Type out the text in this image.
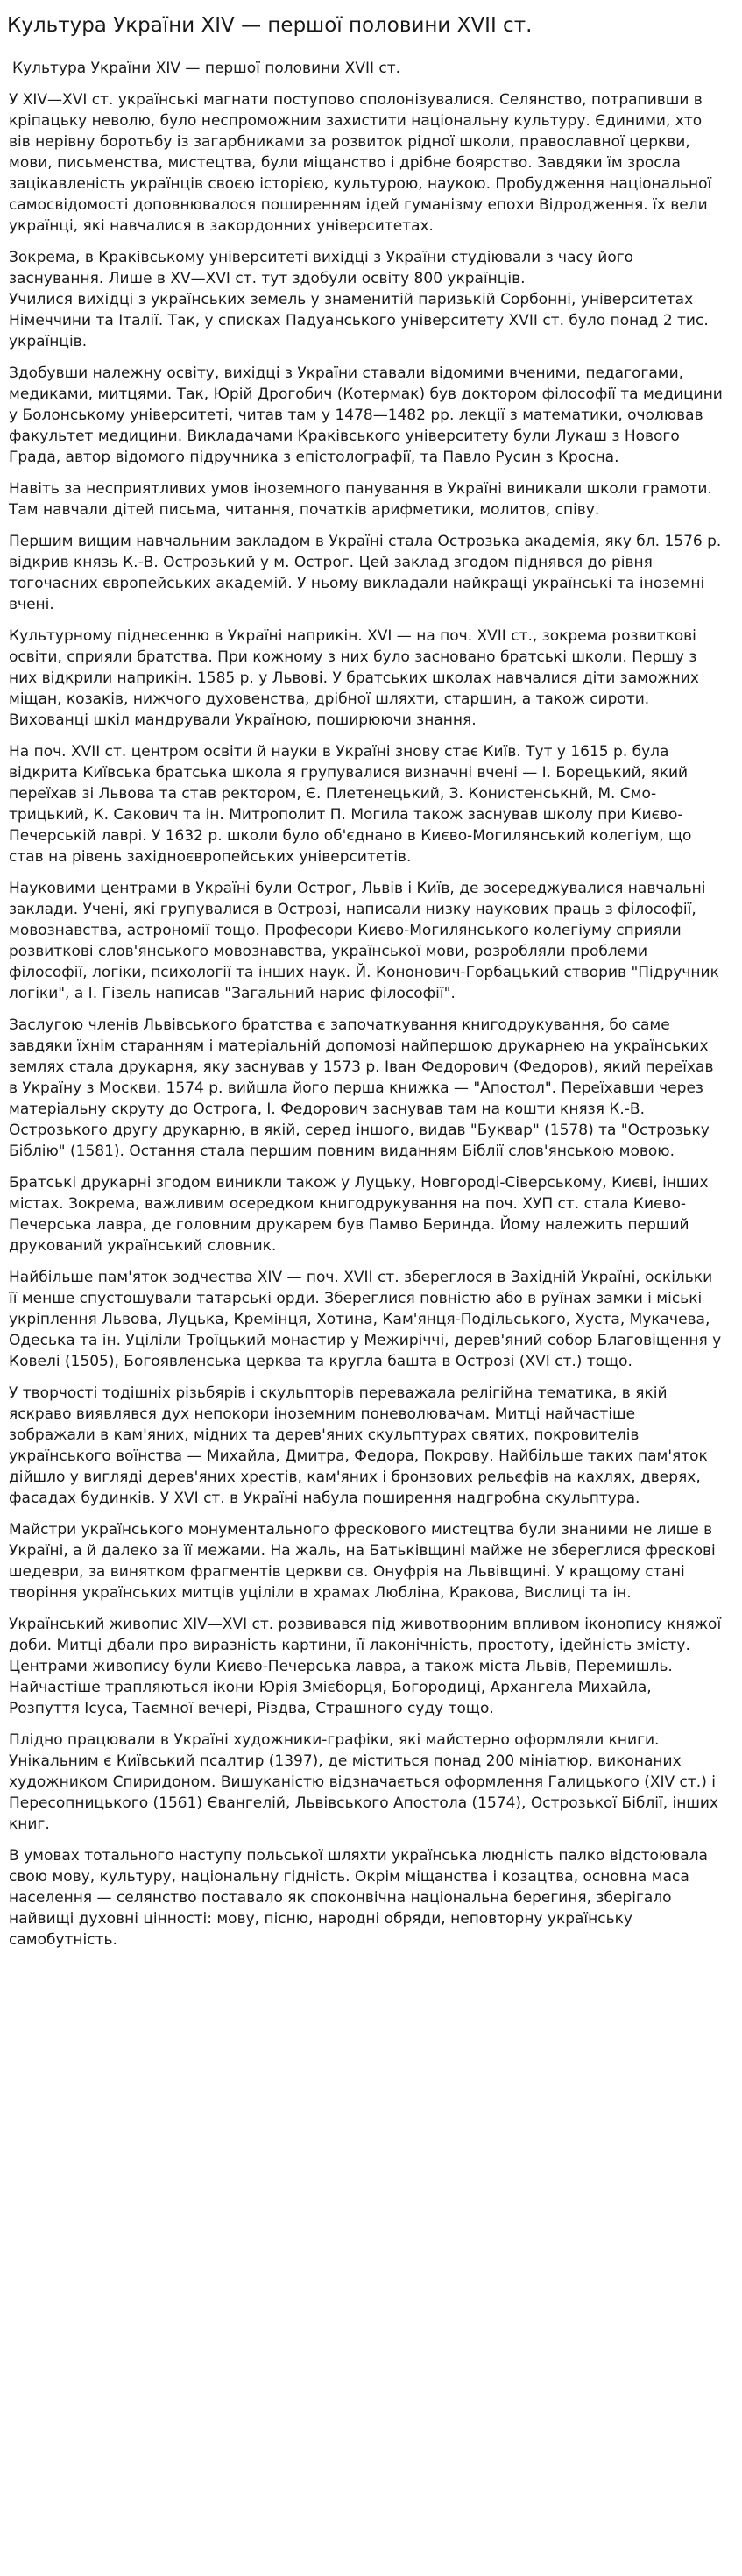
Культура України XIV — першої половини XVII ст.

Культура України XIV — першої половини XVII ст.

У XIV—XVI ст. українські магнати поступово сполонізувалися. Селянство, потрапивши в кріпацьку неволю, було неспроможним захистити національну культуру. Єдиними, хто вів нерівну боротьбу із загарбниками за розвиток рідної школи, православної церкви, мови, письменства, мистецтва, були міщанство і дрібне боярство. Завдяки їм зросла зацікавленість українців своєю історією, культурою, наукою. Пробудження національної самосвідомості доповнювалося поширенням ідей гуманізму епохи Відродження. їх вели українці, які навчалися в закордонних університетах.

Зокрема, в Краківському університеті вихідці з України студіювали з часу його заснування. Лише в XV—XVI ст. тут здобули освіту 800 українців.
Училися вихідці з українських земель у знаменитій паризькій Сорбонні, університетах Німеччини та Італії. Так, у списках Падуанського університету XVII ст. було понад 2 тис. українців.

Здобувши належну освіту, вихідці з України ставали відомими вченими, педагогами, медиками, митцями. Так, Юрій Дрогобич (Котермак) був доктором філософії та медицини у Болонському університеті, читав там у 1478—1482 рр. лекції з математики, очолював факультет медицини. Викладачами Краківського університету були Лукаш з Нового Града, автор відомого підручника з епістолографії, та Павло Русин з Кросна.

Навіть за несприятливих умов іноземного панування в Україні виникали школи грамоти. Там навчали дітей письма, читання, початків арифметики, молитов, співу.

Першим вищим навчальним закладом в Україні стала Острозька академія, яку бл. 1576 р. відкрив князь К.-В. Острозький у м. Острог. Цей заклад згодом піднявся до рівня тогочасних європейських академій. У ньому викладали найкращі українські та іноземні вчені.

Культурному піднесенню в Україні наприкін. XVI — на поч. XVII ст., зокрема розвиткові освіти, сприяли братства. При кожному з них було засновано братські школи. Першу з них відкрили наприкін. 1585 р. у Львові. У братських школах навчалися діти заможних міщан, козаків, нижчого духовенства, дрібної шляхти, старшин, а також сироти. Вихованці шкіл мандрували Україною, поширюючи знання.

На поч. XVII ст. центром освіти й науки в Україні знову стає Київ. Тут у 1615 р. була відкрита Київська братська школа я групувалися визначні вчені — І. Борецький, який переїхав зі Львова та став ректором, Є. Плетенецький, З. Конистенськнй, М. Смо-трицький, К. Сакович та ін. Митрополит П. Могила також заснував школу при Києво-Печерській лаврі. У 1632 р. школи було об'єднано в Києво-Могилянський колегіум, що став на рівень західноєвропейських університетів.

Науковими центрами в Україні були Острог, Львів і Київ, де зосереджувалися навчальні заклади. Учені, які групувалися в Острозі, написали низку наукових праць з філософії, мовознавства, астрономії тощо. Професори Києво-Могилянського колегіуму сприяли розвиткові слов'янського мовознавства, української мови, розробляли проблеми філософії, логіки, психології та інших наук. Й. Кононович-Горбацький створив "Підручник логіки", а І. Гізель написав "Загальний нарис філософії".

Заслугою членів Львівського братства є започаткування книгодрукування, бо саме завдяки їхнім старанням і матеріальній допомозі найпершою друкарнею на українських землях стала друкарня, яку заснував у 1573 р. Іван Федорович (Федоров), який переїхав в Україну з Москви. 1574 р. вийшла його перша книжка — "Апостол". Переїхавши через матеріальну скруту до Острога, І. Федорович заснував там на кошти князя К.-В. Острозького другу друкарню, в якій, серед іншого, видав "Буквар" (1578) та "Острозьку Біблію" (1581). Остання стала першим повним виданням Біблії слов'янською мовою.

Братські друкарні згодом виникли також у Луцьку, Новгороді-Сіверському, Києві, інших містах. Зокрема, важливим осередком книгодрукування на поч. ХУП ст. стала Киево-Печерська лавра, де головним друкарем був Памво Беринда. Йому належить перший друкований український словник.

Найбільше пам'яток зодчества XIV — поч. XVII ст. збереглося в Західній Україні, оскільки її менше спустошували татарські орди. Збереглися повністю або в руїнах замки і міські укріплення Львова, Луцька, Кремінця, Хотина, Кам'янця-Подільського, Хуста, Мукачева, Одеська та ін. Уціліли Троїцький монастир у Межиріччі, дерев'яний собор Благовіщення у Ковелі (1505), Богоявленська церква та кругла башта в Острозі (XVI ст.) тощо.

У творчості тодішніх різьбярів і скульпторів переважала релігійна тематика, в якій яскраво виявлявся дух непокори іноземним поневолювачам. Митці найчастіше зображали в кам'яних, мідних та дерев'яних скульптурах святих, покровителів українського воїнства — Михайла, Дмитра, Федора, Покрову. Найбільше таких пам'яток дійшло у вигляді дерев'яних хрестів, кам'яних і бронзових рельєфів на кахлях, дверях, фасадах будинків. У XVI ст. в Україні набула поширення надгробна скульптура.

Майстри українського монументального фрескового мистецтва були знаними не лише в Україні, а й далеко за її межами. На жаль, на Батьківщині майже не збереглися фрескові шедеври, за винятком фрагментів церкви св. Онуфрія на Львівщині. У кращому стані творіння українських митців уціліли в храмах Любліна, Кракова, Вислиці та ін.

Український живопис XIV—XVI ст. розвивався під животворним впливом іконопису княжої доби. Митці дбали про виразність картини, її лаконічність, простоту, ідейність змісту. Центрами живопису були Києво-Печерська лавра, а також міста Львів, Перемишль. Найчастіше трапляються ікони Юрія Змієборця, Богородиці, Архангела Михайла, Розпуття Ісуса, Таємної вечері, Різдва, Страшного суду тощо.

Плідно працювали в Україні художники-графіки, які майстерно оформляли книги. Унікальним є Київський псалтир (1397), де міститься понад 200 мініатюр, виконаних художником Спиридоном. Вишуканістю відзначається оформлення Галицького (XIV ст.) і Пересопницького (1561) Євангелій, Львівського Апостола (1574), Острозької Біблії, інших книг.

В умовах тотального наступу польської шляхти українська людність палко відстоювала свою мову, культуру, національну гідність. Окрім міщанства і козацтва, основна маса населення — селянство поставало як споконвічна національна берегиня, зберігало найвищі духовні цінності: мову, пісню, народні обряди, неповторну українську самобутність.
